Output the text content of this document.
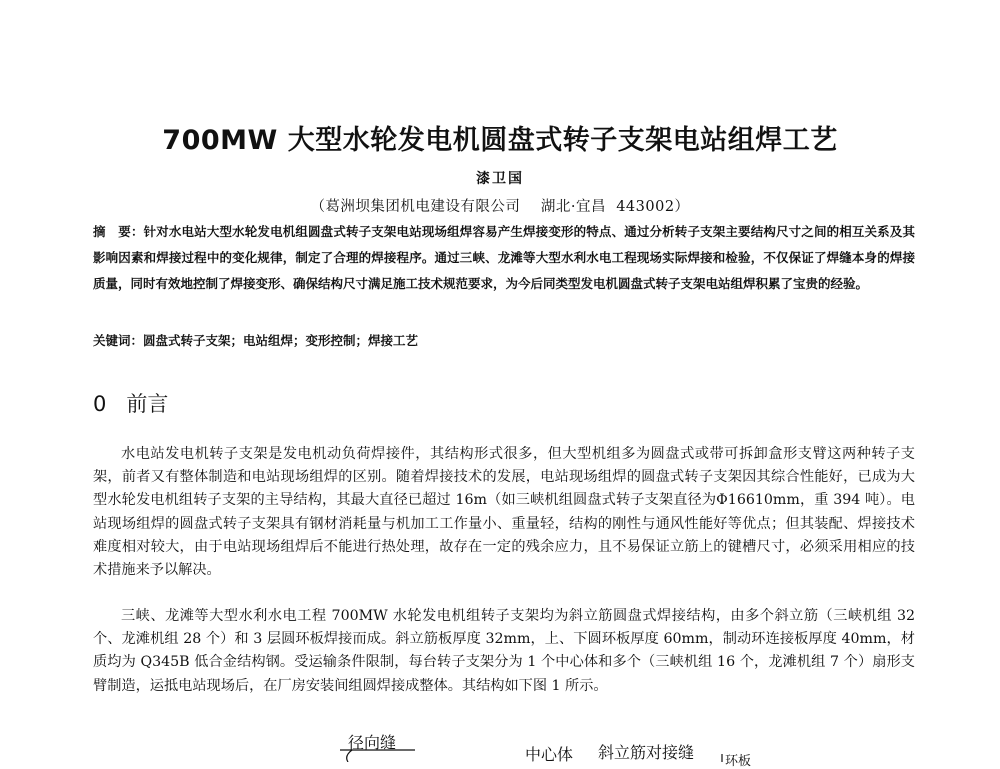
700MW 大型水轮发电机圆盘式转子支架电站组焊工艺
漆卫国
（葛洲坝集团机电建设有限公司    湖北·宜昌  443002）

摘　要：针对水电站大型水轮发电机组圆盘式转子支架电站现场组焊容易产生焊接变形的特点、通过分析转子支架主要结构尺寸之间的相互关系及其影响因素和焊接过程中的变化规律，制定了合理的焊接程序。通过三峡、龙滩等大型水利水电工程现场实际焊接和检验，不仅保证了焊缝本身的焊接质量，同时有效地控制了焊接变形、确保结构尺寸满足施工技术规范要求，为今后同类型发电机圆盘式转子支架电站组焊积累了宝贵的经验。

关键词：圆盘式转子支架；电站组焊；变形控制；焊接工艺

0 前言

水电站发电机转子支架是发电机动负荷焊接件，其结构形式很多，但大型机组多为圆盘式或带可拆卸盒形支臂这两种转子支架，前者又有整体制造和电站现场组焊的区别。随着焊接技术的发展，电站现场组焊的圆盘式转子支架因其综合性能好，已成为大型水轮发电机组转子支架的主导结构，其最大直径已超过 16m（如三峡机组圆盘式转子支架直径为Φ16610mm，重 394 吨）。电站现场组焊的圆盘式转子支架具有钢材消耗量与机加工工作量小、重量轻，结构的刚性与通风性能好等优点；但其装配、焊接技术难度相对较大，由于电站现场组焊后不能进行热处理，故存在一定的残余应力，且不易保证立筋上的键槽尺寸，必须采用相应的技术措施来予以解决。

三峡、龙滩等大型水利水电工程 700MW 水轮发电机组转子支架均为斜立筋圆盘式焊接结构，由多个斜立筋（三峡机组 32 个、龙滩机组 28 个）和 3 层圆环板焊接而成。斜立筋板厚度 32mm，上、下圆环板厚度 60mm，制动环连接板厚度 40mm，材质均为 Q345B 低合金结构钢。受运输条件限制，每台转子支架分为 1 个中心体和多个（三峡机组 16 个，龙滩机组 7 个）扇形支臂制造，运抵电站现场后，在厂房安装间组圆焊接成整体。其结构如下图 1 所示。

径向缝
中心体 斜立筋对接缝 环板
